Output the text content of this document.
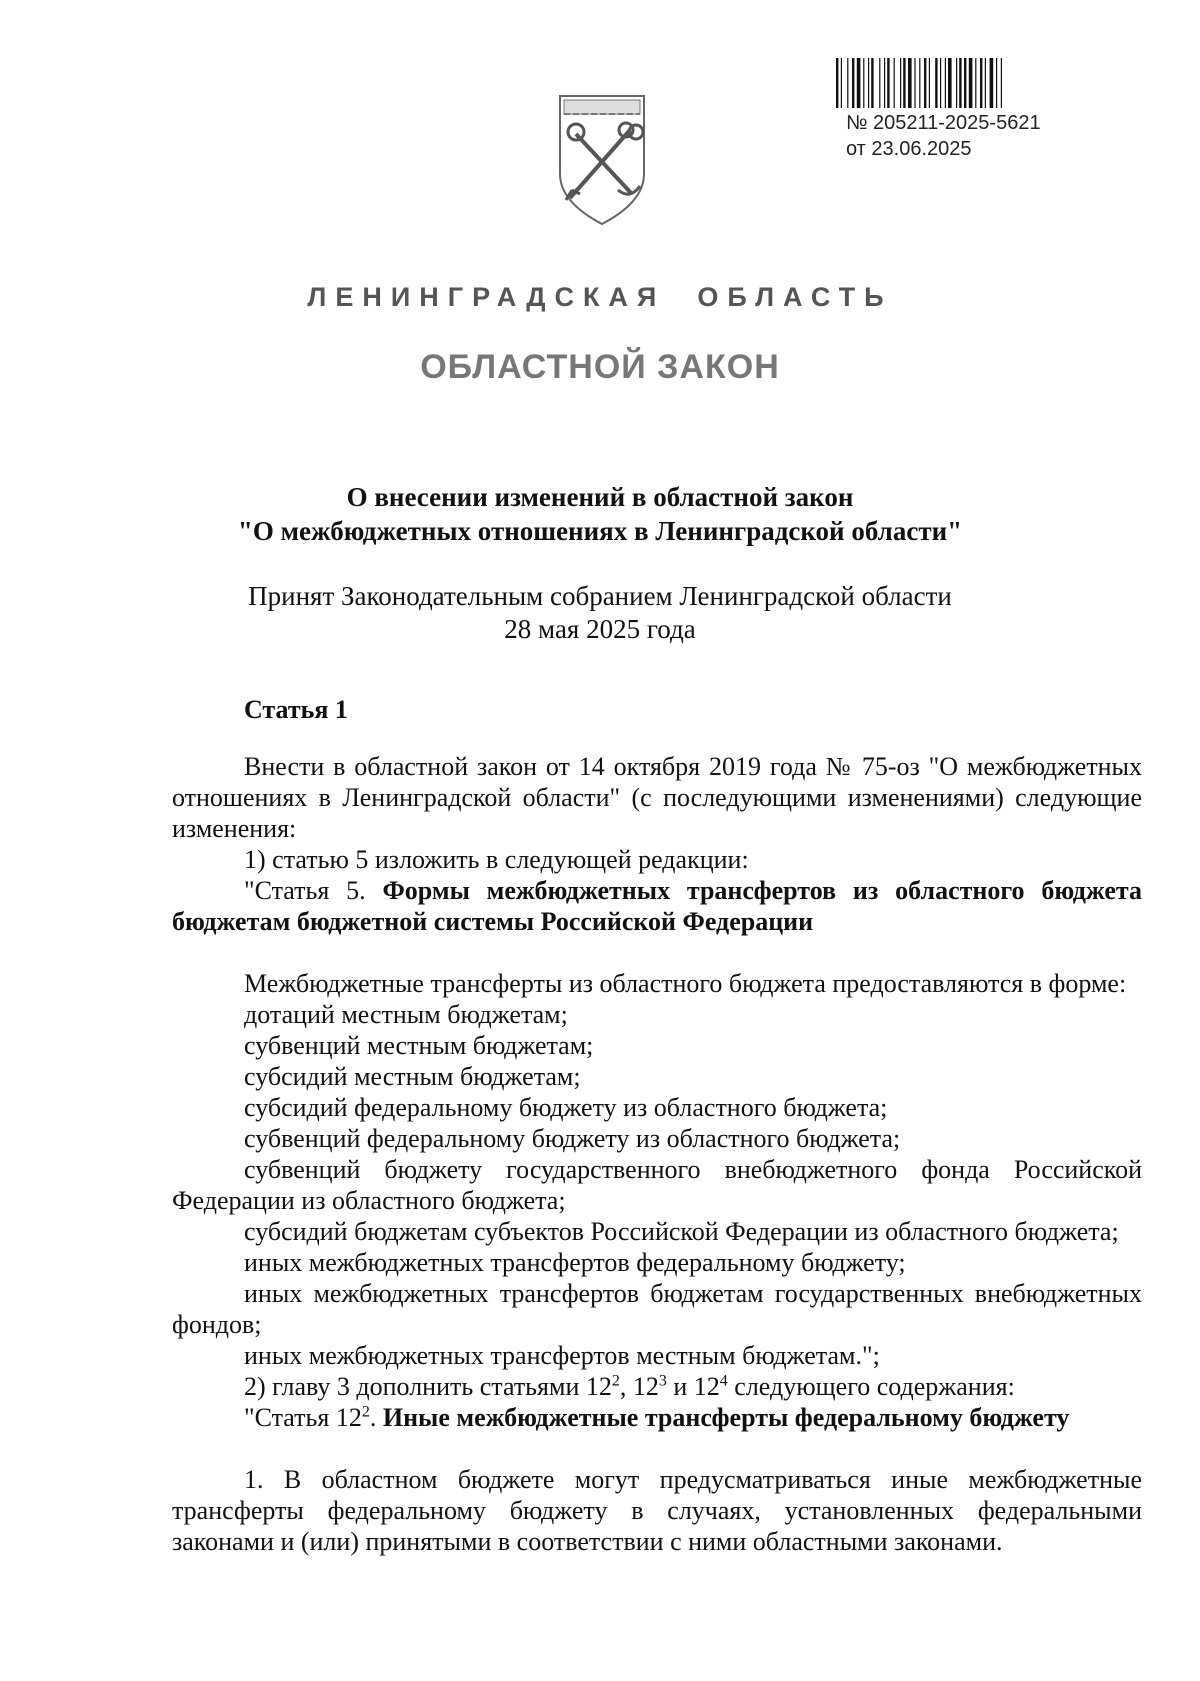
№ 205211-2025-5621
от 23.06.2025
ЛЕНИНГРАДСКАЯ ОБЛАСТЬ
ОБЛАСТНОЙ ЗАКОН
О внесении изменений в областной закон
"О межбюджетных отношениях в Ленинградской области"
Принят Законодательным собранием Ленинградской области
28 мая 2025 года
Статья 1

Внести в областной закон от 14 октября 2019 года № 75-оз "О межбюджетных отношениях в Ленинградской области" (с последующими изменениями) следующие изменения:

1) статью 5 изложить в следующей редакции:

"Статья 5. Формы межбюджетных трансфертов из областного бюджета бюджетам бюджетной системы Российской Федерации

Межбюджетные трансферты из областного бюджета предоставляются в форме:

дотаций местным бюджетам;

субвенций местным бюджетам;

субсидий местным бюджетам;

субсидий федеральному бюджету из областного бюджета;

субвенций федеральному бюджету из областного бюджета;

субвенций бюджету государственного внебюджетного фонда Российской Федерации из областного бюджета;

субсидий бюджетам субъектов Российской Федерации из областного бюджета;

иных межбюджетных трансфертов федеральному бюджету;

иных межбюджетных трансфертов бюджетам государственных внебюджетных фондов;

иных межбюджетных трансфертов местным бюджетам.";

2) главу 3 дополнить статьями $12^2$, $12^3$ и $12^4$ следующего содержания:

"Статья $12^2$. Иные межбюджетные трансферты федеральному бюджету

1. В областном бюджете могут предусматриваться иные межбюджетные трансферты федеральному бюджету в случаях, установленных федеральными законами и (или) принятыми в соответствии с ними областными законами.
